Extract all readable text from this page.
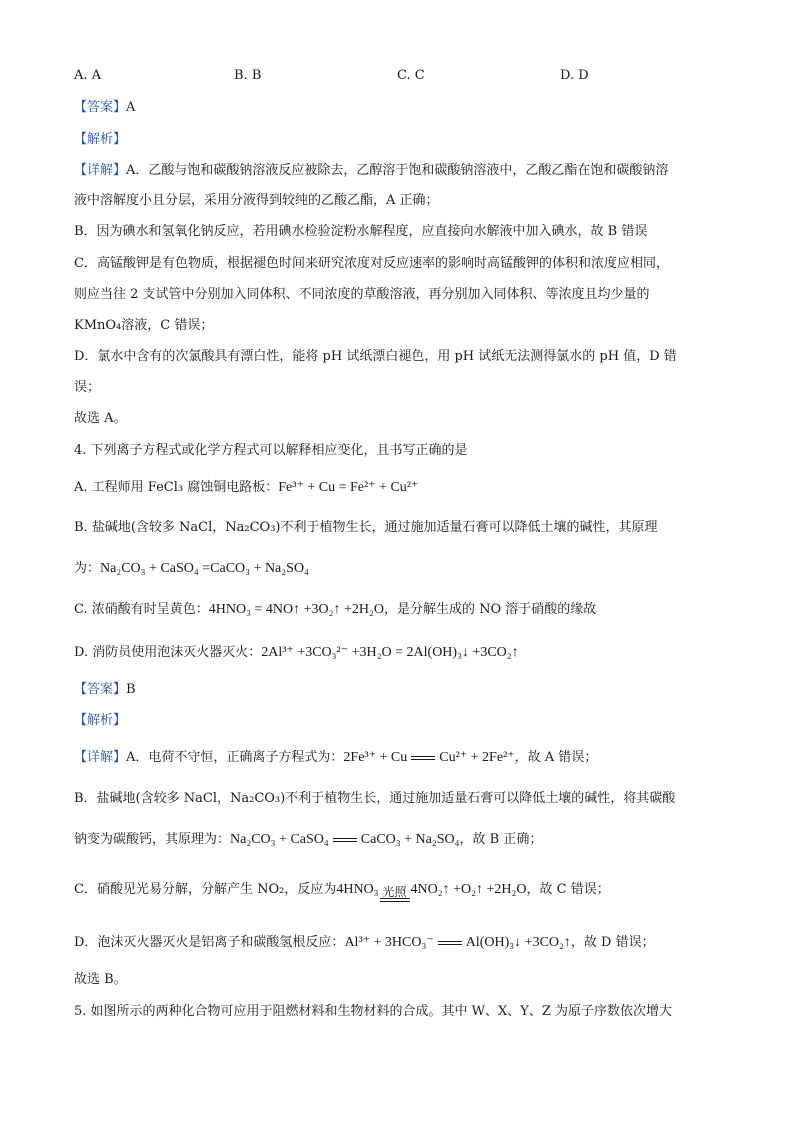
A. A	B. B	C. C	D. D
【答案】A
【解析】
【详解】A．乙酸与饱和碳酸钠溶液反应被除去，乙醇溶于饱和碳酸钠溶液中，乙酸乙酯在饱和碳酸钠溶
液中溶解度小且分层，采用分液得到较纯的乙酸乙酯，A 正确；
B．因为碘水和氢氧化钠反应，若用碘水检验淀粉水解程度，应直接向水解液中加入碘水，故 B 错误
C．高锰酸钾是有色物质，根据褪色时间来研究浓度对反应速率的影响时高锰酸钾的体积和浓度应相同，
则应当往 2 支试管中分别加入同体积、不同浓度的草酸溶液，再分别加入同体积、等浓度且均少量的
KMnO₄溶液，C 错误；
D．氯水中含有的次氯酸具有漂白性，能将 pH 试纸漂白褪色，用 pH 试纸无法测得氯水的 pH 值，D 错
误；
故选 A。
4. 下列离子方程式或化学方程式可以解释相应变化，且书写正确的是
A. 工程师用 FeCl₃ 腐蚀铜电路板：Fe³⁺ + Cu = Fe²⁺ + Cu²⁺
B. 盐碱地(含较多 NaCl，Na₂CO₃)不利于植物生长，通过施加适量石膏可以降低土壤的碱性，其原理
为：Na₂CO₃ + CaSO₄ =CaCO₃ + Na₂SO₄
C. 浓硝酸有时呈黄色：4HNO₃ = 4NO↑ +3O₂↑ +2H₂O，是分解生成的 NO 溶于硝酸的缘故
D. 消防员使用泡沫灭火器灭火：2Al³⁺ +3CO₃²⁻ +3H₂O = 2Al(OH)₃↓ +3CO₂↑
【答案】B
【解析】
【详解】A．电荷不守恒，正确离子方程式为：2Fe³⁺ + Cu Cu²⁺ + 2Fe²⁺，故 A 错误；
B．盐碱地(含较多 NaCl，Na₂CO₃)不利于植物生长，通过施加适量石膏可以降低土壤的碱性，将其碳酸
钠变为碳酸钙，其原理为：Na₂CO₃ + CaSO₄ CaCO₃ + Na₂SO₄，故 B 正确；
C．硝酸见光易分解，分解产生 NO₂，反应为4HNO₃ 光照 4NO₂↑ +O₂↑ +2H₂O，故 C 错误；
D．泡沫灭火器灭火是铝离子和碳酸氢根反应：Al³⁺ + 3HCO₃⁻ Al(OH)₃↓ +3CO₂↑，故 D 错误；
故选 B。
5. 如图所示的两种化合物可应用于阻燃材料和生物材料的合成。其中 W、X、Y、Z 为原子序数依次增大
